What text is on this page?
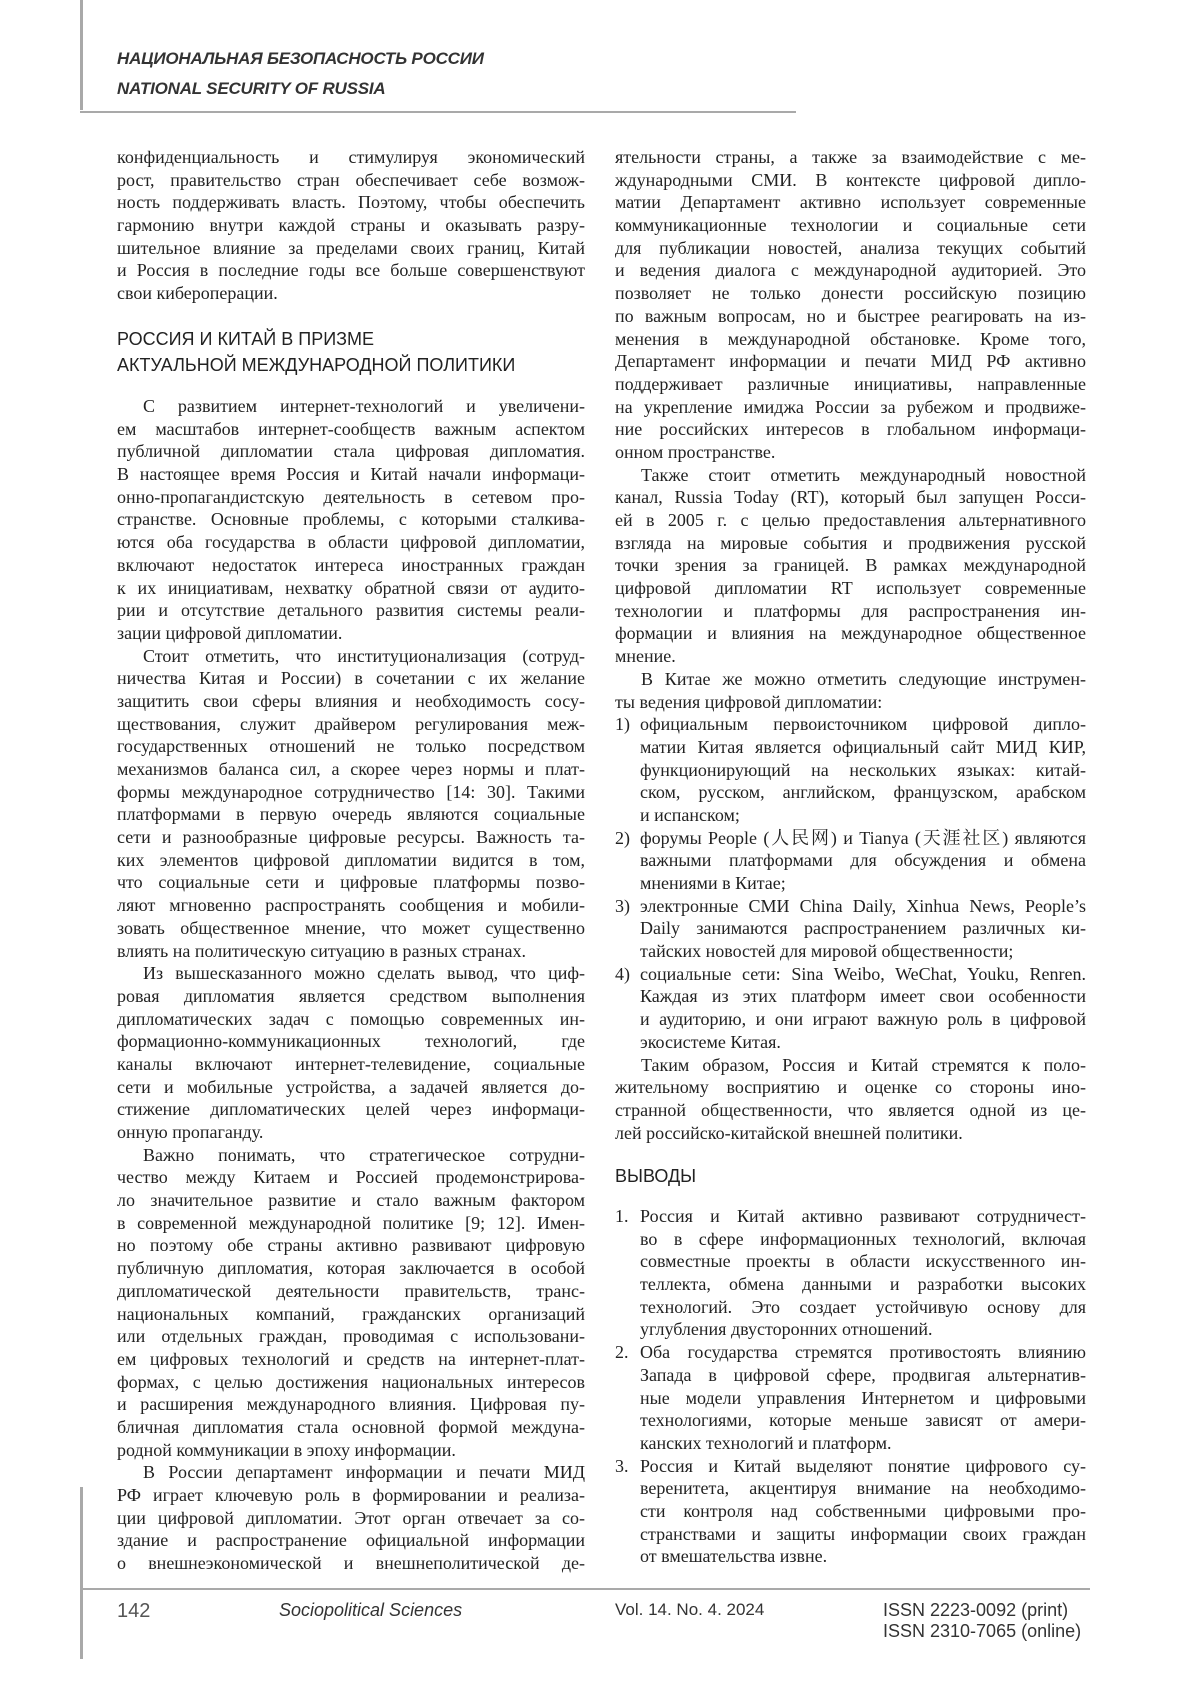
НАЦИОНАЛЬНАЯ БЕЗОПАСНОСТЬ РОССИИ
NATIONAL SECURITY OF RUSSIA
конфиденциальность и стимулируя экономический
рост, правительство стран обеспечивает себе возмож-
ность поддерживать власть. Поэтому, чтобы обеспечить
гармонию внутри каждой страны и оказывать разру-
шительное влияние за пределами своих границ, Китай
и Россия в последние годы все больше совершенствуют
свои кибероперации.
РОССИЯ И КИТАЙ В ПРИЗМЕ
АКТУАЛЬНОЙ МЕЖДУНАРОДНОЙ ПОЛИТИКИ
С развитием интернет-технологий и увеличени-
ем масштабов интернет-сообществ важным аспектом
публичной дипломатии стала цифровая дипломатия.
В настоящее время Россия и Китай начали информаци-
онно-пропагандистскую деятельность в сетевом про-
странстве. Основные проблемы, с которыми сталкива-
ются оба государства в области цифровой дипломатии,
включают недостаток интереса иностранных граждан
к их инициативам, нехватку обратной связи от аудито-
рии и отсутствие детального развития системы реали-
зации цифровой дипломатии.
Стоит отметить, что институционализация (сотруд-
ничества Китая и России) в сочетании с их желание
защитить свои сферы влияния и необходимость сосу-
ществования, служит драйвером регулирования меж-
государственных отношений не только посредством
механизмов баланса сил, а скорее через нормы и плат-
формы международное сотрудничество [14: 30]. Такими
платформами в первую очередь являются социальные
сети и разнообразные цифровые ресурсы. Важность та-
ких элементов цифровой дипломатии видится в том,
что социальные сети и цифровые платформы позво-
ляют мгновенно распространять сообщения и мобили-
зовать общественное мнение, что может существенно
влиять на политическую ситуацию в разных странах.
Из вышесказанного можно сделать вывод, что циф-
ровая дипломатия является средством выполнения
дипломатических задач с помощью современных ин-
формационно-коммуникационных технологий, где
каналы включают интернет-телевидение, социальные
сети и мобильные устройства, а задачей является до-
стижение дипломатических целей через информаци-
онную пропаганду.
Важно понимать, что стратегическое сотрудни-
чество между Китаем и Россией продемонстрирова-
ло значительное развитие и стало важным фактором
в современной международной политике [9; 12]. Имен-
но поэтому обе страны активно развивают цифровую
публичную дипломатия, которая заключается в особой
дипломатической деятельности правительств, транс-
национальных компаний, гражданских организаций
или отдельных граждан, проводимая с использовани-
ем цифровых технологий и средств на интернет-плат-
формах, с целью достижения национальных интересов
и расширения международного влияния. Цифровая пу-
бличная дипломатия стала основной формой междуна-
родной коммуникации в эпоху информации.
В России департамент информации и печати МИД
РФ играет ключевую роль в формировании и реализа-
ции цифровой дипломатии. Этот орган отвечает за со-
здание и распространение официальной информации
о внешнеэкономической и внешнеполитической де-
ятельности страны, а также за взаимодействие с ме-
ждународными СМИ. В контексте цифровой дипло-
матии Департамент активно использует современные
коммуникационные технологии и социальные сети
для публикации новостей, анализа текущих событий
и ведения диалога с международной аудиторией. Это
позволяет не только донести российскую позицию
по важным вопросам, но и быстрее реагировать на из-
менения в международной обстановке. Кроме того,
Департамент информации и печати МИД РФ активно
поддерживает различные инициативы, направленные
на укрепление имиджа России за рубежом и продвиже-
ние российских интересов в глобальном информаци-
онном пространстве.
Также стоит отметить международный новостной
канал, Russia Today (RT), который был запущен Росси-
ей в 2005 г. с целью предоставления альтернативного
взгляда на мировые события и продвижения русской
точки зрения за границей. В рамках международной
цифровой дипломатии RT использует современные
технологии и платформы для распространения ин-
формации и влияния на международное общественное
мнение.
В Китае же можно отметить следующие инструмен-
ты ведения цифровой дипломатии:
1) официальным первоисточником цифровой дипло-
матии Китая является официальный сайт МИД КИР,
функционирующий на нескольких языках: китай-
ском, русском, английском, французском, арабском
и испанском;
2) форумы People (人民网) и Tianya (天涯社区) являются
важными платформами для обсуждения и обмена
мнениями в Китае;
3) электронные СМИ China Daily, Xinhua News, People’s
Daily занимаются распространением различных ки-
тайских новостей для мировой общественности;
4) социальные сети: Sina Weibo, WeChat, Youku, Renren.
Каждая из этих платформ имеет свои особенности
и аудиторию, и они играют важную роль в цифровой
экосистеме Китая.
Таким образом, Россия и Китай стремятся к поло-
жительному восприятию и оценке со стороны ино-
странной общественности, что является одной из це-
лей российско-китайской внешней политики.
ВЫВОДЫ
1. Россия и Китай активно развивают сотрудничест-
во в сфере информационных технологий, включая
совместные проекты в области искусственного ин-
теллекта, обмена данными и разработки высоких
технологий. Это создает устойчивую основу для
углубления двусторонних отношений.
2. Оба государства стремятся противостоять влиянию
Запада в цифровой сфере, продвигая альтернатив-
ные модели управления Интернетом и цифровыми
технологиями, которые меньше зависят от амери-
канских технологий и платформ.
3. Россия и Китай выделяют понятие цифрового су-
веренитета, акцентируя внимание на необходимо-
сти контроля над собственными цифровыми про-
странствами и защиты информации своих граждан
от вмешательства извне.
142	Sociopolitical Sciences	Vol. 14. No. 4. 2024	ISSN 2223-0092 (print)
ISSN 2310-7065 (online)
